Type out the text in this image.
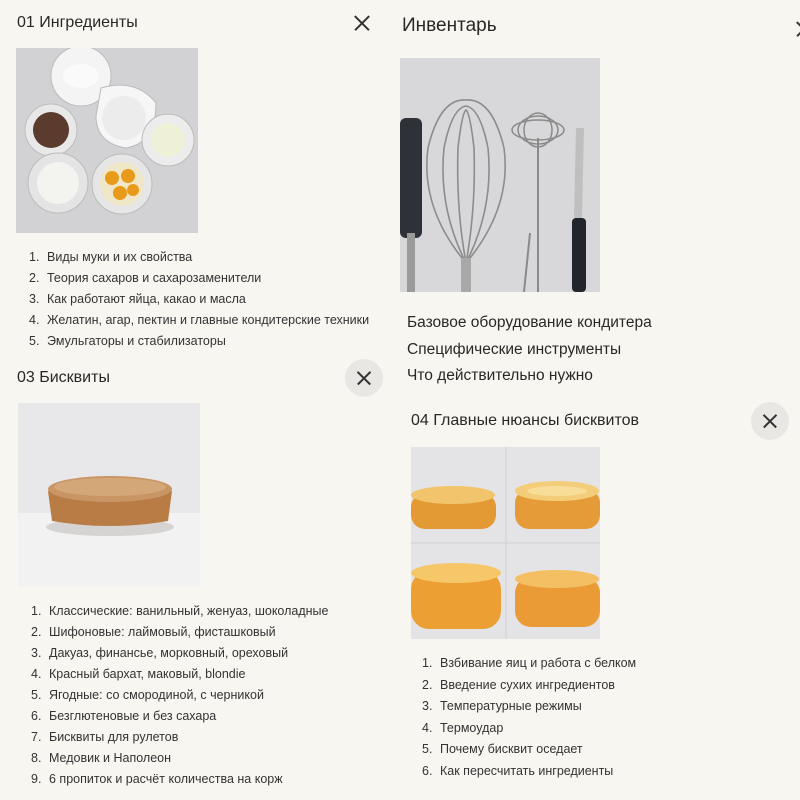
01 Ингредиенты
1. Виды муки и их свойства
2. Теория сахаров и сахарозаменители
3. Как работают яйца, какао и масла
4. Желатин, агар, пектин и главные кондитерские техники
5. Эмульгаторы и стабилизаторы
Инвентарь
Базовое оборудование кондитера
Специфические инструменты
Что действительно нужно
03 Бисквиты
1. Классические: ванильный, женуаз, шоколадные
2. Шифоновые: лаймовый, фисташковый
3. Дакуаз, финансье, морковный, ореховый
4. Красный бархат, маковый, blondie
5. Ягодные: со смородиной, с черникой
6. Безглютеновые и без сахара
7. Бисквиты для рулетов
8. Медовик и Наполеон
9. 6 пропиток и расчёт количества на корж
04 Главные нюансы бисквитов
1. Взбивание яиц и работа с белком
2. Введение сухих ингредиентов
3. Температурные режимы
4. Термоудар
5. Почему бисквит оседает
6. Как пересчитать ингредиенты
